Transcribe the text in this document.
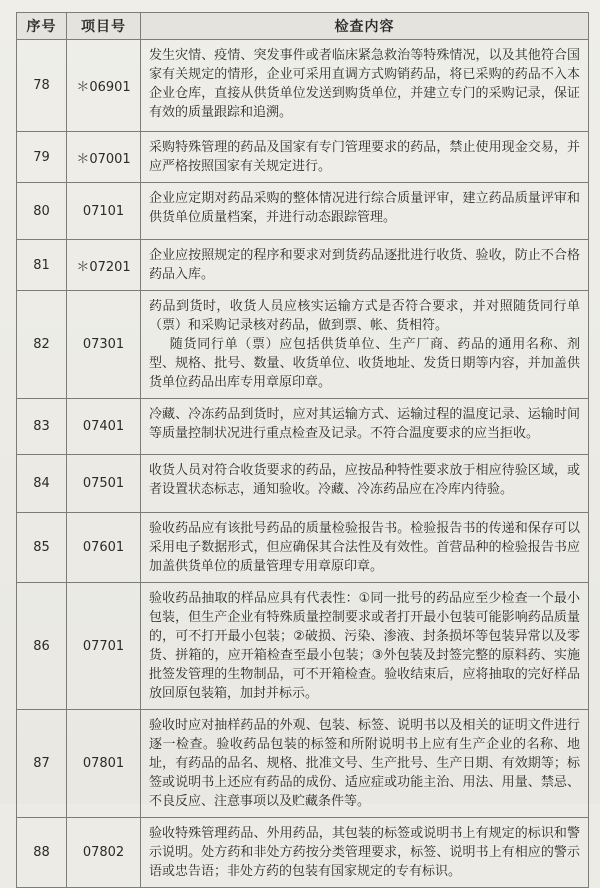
序号	项目号	检查内容
78	＊06901	发生灾情、疫情、突发事件或者临床紧急救治等特殊情况，以及其他符合国家有关规定的情形，企业可采用直调方式购销药品，将已采购的药品不入本企业仓库，直接从供货单位发送到购货单位，并建立专门的采购记录，保证有效的质量跟踪和追溯。

79	＊07001	采购特殊管理的药品及国家有专门管理要求的药品，禁止使用现金交易，并应严格按照国家有关规定进行。

80	07101	企业应定期对药品采购的整体情况进行综合质量评审，建立药品质量评审和供货单位质量档案，并进行动态跟踪管理。

81	＊07201	企业应按照规定的程序和要求对到货药品逐批进行收货、验收，防止不合格药品入库。

82	07301	药品到货时，收货人员应核实运输方式是否符合要求，并对照随货同行单（票）和采购记录核对药品，做到票、帐、货相符。

随货同行单（票）应包括供货单位、生产厂商、药品的通用名称、剂型、规格、批号、数量、收货单位、收货地址、发货日期等内容，并加盖供货单位药品出库专用章原印章。

83	07401	冷藏、冷冻药品到货时，应对其运输方式、运输过程的温度记录、运输时间等质量控制状况进行重点检查及记录。不符合温度要求的应当拒收。

84	07501	收货人员对符合收货要求的药品，应按品种特性要求放于相应待验区域，或者设置状态标志，通知验收。冷藏、冷冻药品应在冷库内待验。

85	07601	验收药品应有该批号药品的质量检验报告书。检验报告书的传递和保存可以采用电子数据形式，但应确保其合法性及有效性。首营品种的检验报告书应加盖供货单位的质量管理专用章原印章。

86	07701	验收药品抽取的样品应具有代表性：①同一批号的药品应至少检查一个最小包装，但生产企业有特殊质量控制要求或者打开最小包装可能影响药品质量的，可不打开最小包装；②破损、污染、渗液、封条损坏等包装异常以及零货、拼箱的，应开箱检查至最小包装；③外包装及封签完整的原料药、实施批签发管理的生物制品，可不开箱检查。验收结束后，应将抽取的完好样品放回原包装箱，加封并标示。

87	07801	验收时应对抽样药品的外观、包装、标签、说明书以及相关的证明文件进行逐一检查。验收药品包装的标签和所附说明书上应有生产企业的名称、地址，有药品的品名、规格、批准文号、生产批号、生产日期、有效期等；标签或说明书上还应有药品的成份、适应症或功能主治、用法、用量、禁忌、不良反应、注意事项以及贮藏条件等。

88	07802	验收特殊管理药品、外用药品，其包装的标签或说明书上有规定的标识和警示说明。处方药和非处方药按分类管理要求，标签、说明书上有相应的警示语或忠告语；非处方药的包装有国家规定的专有标识。
